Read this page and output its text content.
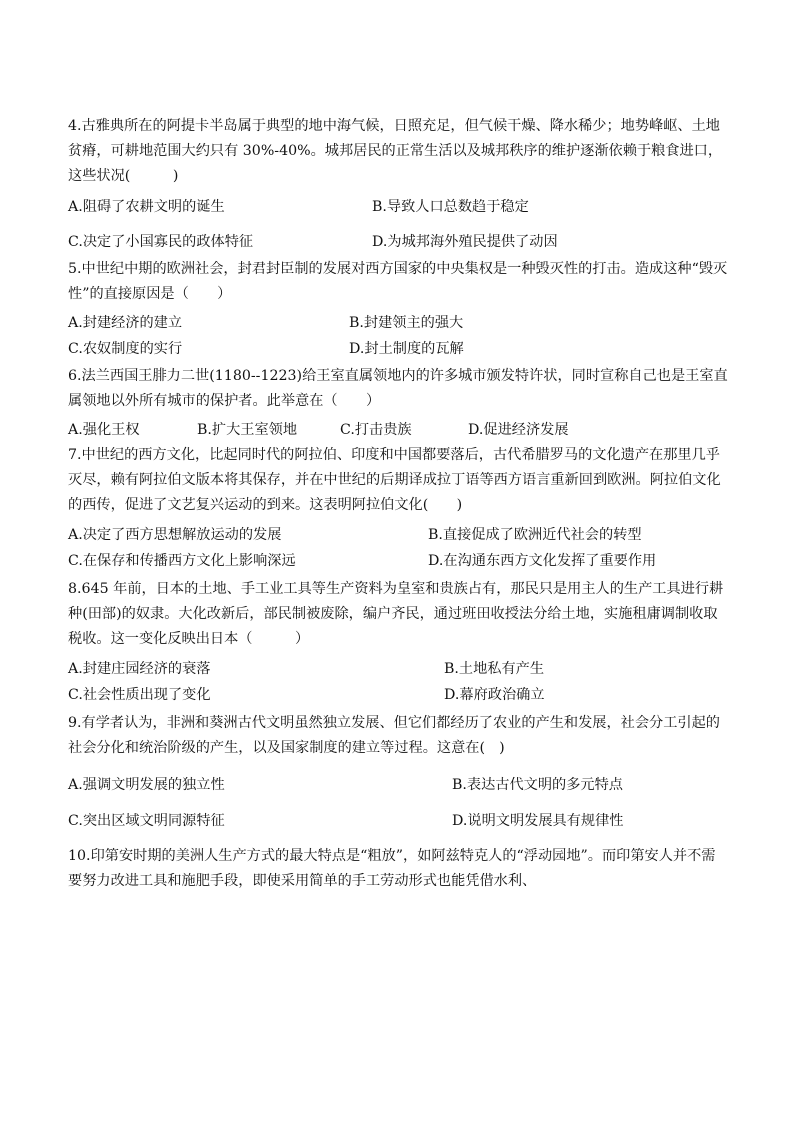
4.古雅典所在的阿提卡半岛属于典型的地中海气候，日照充足，但气候干燥、降水稀少；地势峰岖、土地贫瘠，可耕地范围大约只有 30%-40%。城邦居民的正常生活以及城邦秩序的维护逐渐依赖于粮食进口，这些状况(　　　)
A.阻碍了农耕文明的诞生	B.导致人口总数趋于稳定
C.决定了小国寡民的政体特征	D.为城邦海外殖民提供了动因
5.中世纪中期的欧洲社会，封君封臣制的发展对西方国家的中央集权是一种毁灭性的打击。造成这种“毁灭性”的直接原因是（　　）
A.封建经济的建立	B.封建领主的强大
C.农奴制度的实行	D.封土制度的瓦解
6.法兰西国王腓力二世(1180--1223)给王室直属领地内的许多城市颁发特许状，同时宣称自己也是王室直属领地以外所有城市的保护者。此举意在（　　）
A.强化王权	B.扩大王室领地	C.打击贵族	D.促进经济发展
7.中世纪的西方文化，比起同时代的阿拉伯、印度和中国都要落后，古代希腊罗马的文化遗产在那里几乎灭尽，赖有阿拉伯文版本将其保存，并在中世纪的后期译成拉丁语等西方语言重新回到欧洲。阿拉伯文化的西传，促进了文艺复兴运动的到来。这表明阿拉伯文化(　　)
A.决定了西方思想解放运动的发展	B.直接促成了欧洲近代社会的转型
C.在保存和传播西方文化上影响深远	D.在沟通东西方文化发挥了重要作用
8.645 年前，日本的土地、手工业工具等生产资料为皇室和贵族占有，那民只是用主人的生产工具进行耕种(田部)的奴隶。大化改新后，部民制被废除，编户齐民，通过班田收授法分给土地，实施租庸调制收取税收。这一变化反映出日本（　　　）
A.封建庄园经济的衰落	B.土地私有产生
C.社会性质出现了变化	D.幕府政治确立
9.有学者认为，非洲和葵洲古代文明虽然独立发展、但它们都经历了农业的产生和发展，社会分工引起的社会分化和统治阶级的产生，以及国家制度的建立等过程。这意在(　)
A.强调文明发展的独立性	B.表达古代文明的多元特点
C.突出区域文明同源特征	D.说明文明发展具有规律性
10.印第安时期的美洲人生产方式的最大特点是“粗放”，如阿兹特克人的“浮动园地”。而印第安人并不需要努力改进工具和施肥手段，即使采用简单的手工劳动形式也能凭借水利、
